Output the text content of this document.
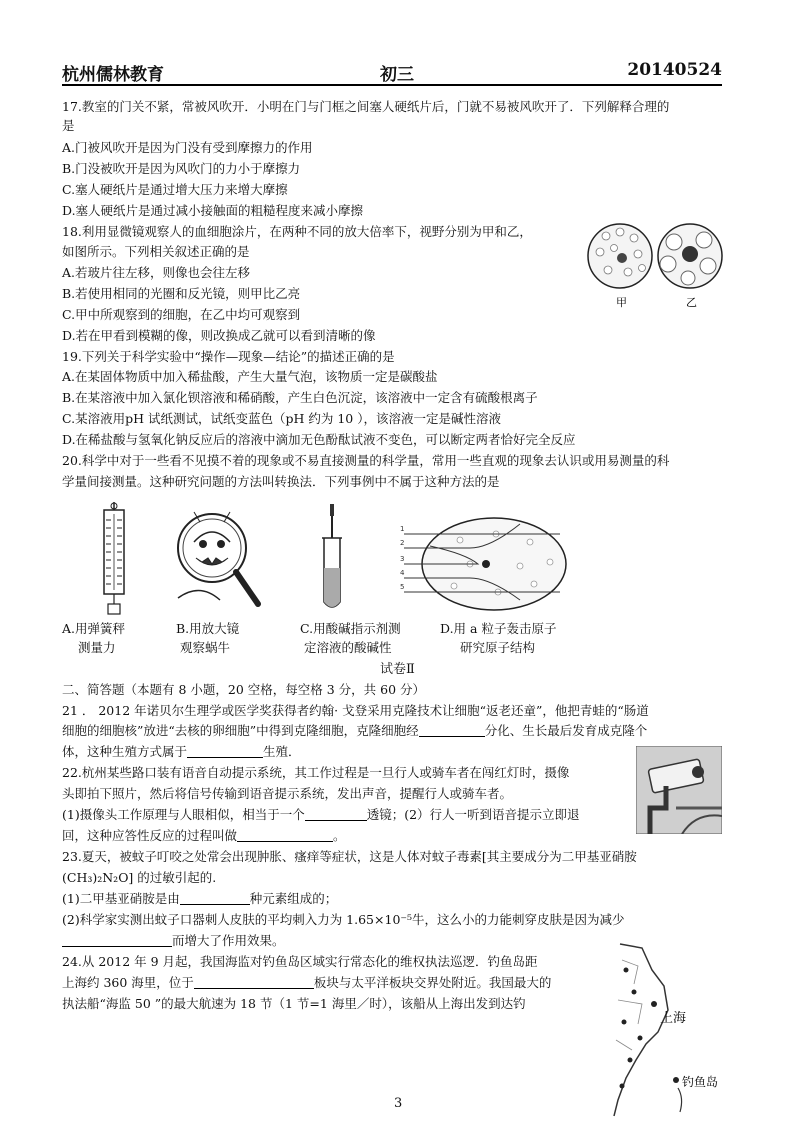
杭州儒林教育	初三	20140524
17.教室的门关不紧，常被风吹开．小明在门与门框之间塞人硬纸片后，门就不易被风吹开了．下列解释合理的
是
A.门被风吹开是因为门没有受到摩擦力的作用
B.门没被吹开是因为风吹门的力小于摩擦力
C.塞人硬纸片是通过增大压力来增大摩擦
D.塞人硬纸片是通过减小接触面的粗糙程度来减小摩擦
18.利用显微镜观察人的血细胞涂片，在两种不同的放大倍率下，视野分别为甲和乙，
如图所示。下列相关叙述正确的是
A.若玻片往左移，则像也会往左移
B.若使用相同的光圈和反光镜，则甲比乙亮
C.甲中所观察到的细胞，在乙中均可观察到
D.若在甲看到模糊的像，则改换成乙就可以看到清晰的像
甲	乙
19.下列关于科学实验中“操作—现象—结论”的描述正确的是
A.在某固体物质中加入稀盐酸，产生大量气泡，该物质一定是碳酸盐
B.在某溶液中加入氯化钡溶液和稀硝酸，产生白色沉淀，该溶液中一定含有硫酸根离子
C.某溶液用pH 试纸测试，试纸变蓝色（pH 约为 10 ），该溶液一定是碱性溶液
D.在稀盐酸与氢氧化钠反应后的溶液中滴加无色酚酞试液不变色，可以断定两者恰好完全反应
20.科学中对于一些看不见摸不着的现象或不易直接测量的科学量，常用一些直观的现象去认识或用易测量的科
学量间接测量。这种研究问题的方法叫转换法．下列事例中不属于这种方法的是
1
2
3
4
5
A.用弹簧秤
测量力
B.用放大镜
观察蜗牛
C.用酸碱指示剂测
定溶液的酸碱性
D.用 a 粒子轰击原子
研究原子结构
试卷Ⅱ
二、简答题（本题有 8 小题，20 空格，每空格 3 分，共 60 分）
21 ． 2012 年诺贝尔生理学或医学奖获得者约翰· 戈登采用克隆技术让细胞“返老还童”，他把青蛙的“肠道
细胞的细胞核”放进“去核的卵细胞”中得到克隆细胞，克隆细胞经	分化、生长最后发育成克隆个
体，这种生殖方式属于	生殖．
22.杭州某些路口装有语音自动提示系统，其工作过程是一旦行人或骑车者在闯红灯时，摄像
头即拍下照片，然后将信号传输到语音提示系统，发出声音，提醒行人或骑车者。
(1)摄像头工作原理与人眼相似，相当于一个	透镜；(2）行人一听到语音提示立即退
回，这种应答性反应的过程叫做	。
23.夏天，被蚊子叮咬之处常会出现肿胀、瘙痒等症状，这是人体对蚊子毒素[其主要成分为二甲基亚硝胺
(CH₃)₂N₂O] 的过敏引起的.
(1)二甲基亚硝胺是由	种元素组成的；
(2)科学家实测出蚊子口器刺人皮肤的平均刺入力为 1.65×10⁻⁵牛，这么小的力能刺穿皮肤是因为减少
而增大了作用效果。
24.从 2012 年 9 月起，我国海监对钓鱼岛区域实行常态化的维权执法巡逻．钓鱼岛距
上海约 360 海里，位于	板块与太平洋板块交界处附近。我国最大的
执法船“海监 50 ”的最大航速为 18 节（1 节=1 海里／时），该船从上海出发到达钓
上海
钓鱼岛
3
